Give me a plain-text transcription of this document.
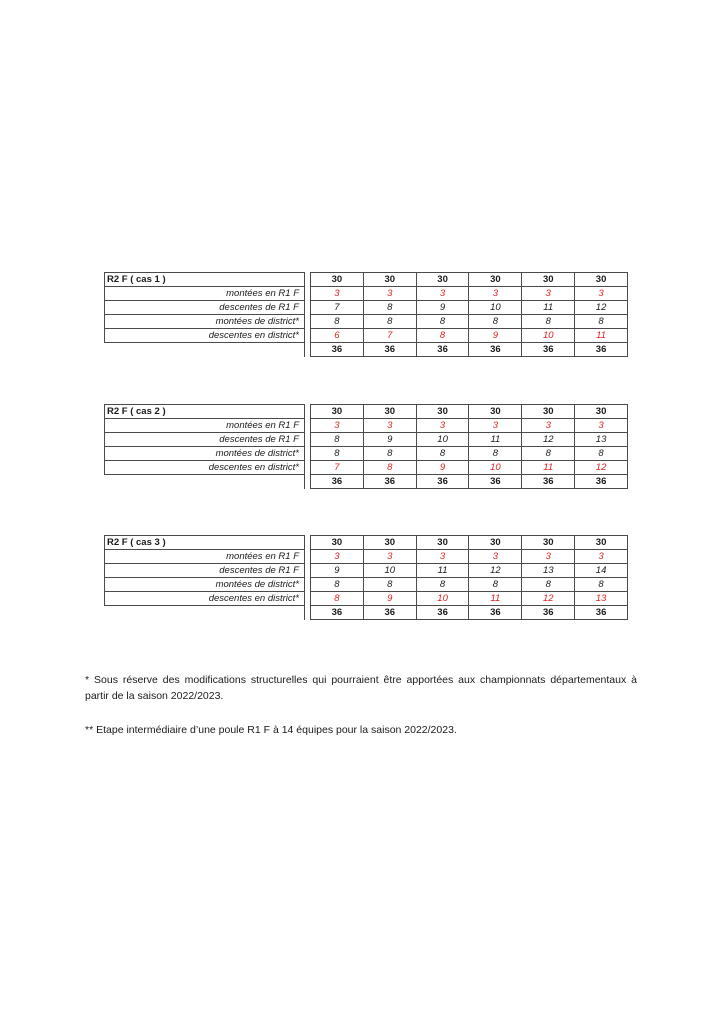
R2 F ( cas 1 )		30	30	30	30	30	30
montées en R1 F		3	3	3	3	3	3
descentes de R1 F		7	8	9	10	11	12
montées de district*		8	8	8	8	8	8
descentes en district*		6	7	8	9	10	11
		36	36	36	36	36	36
R2 F ( cas 2 )		30	30	30	30	30	30
montées en R1 F		3	3	3	3	3	3
descentes de R1 F		8	9	10	11	12	13
montées de district*		8	8	8	8	8	8
descentes en district*		7	8	9	10	11	12
		36	36	36	36	36	36
R2 F ( cas 3 )		30	30	30	30	30	30
montées en R1 F		3	3	3	3	3	3
descentes de R1 F		9	10	11	12	13	14
montées de district*		8	8	8	8	8	8
descentes en district*		8	9	10	11	12	13
		36	36	36	36	36	36

* Sous réserve des modifications structurelles qui pourraient être apportées aux championnats départementaux à partir de la saison 2022/2023.

** Etape intermédiaire d’une poule R1 F à 14 équipes pour la saison 2022/2023.
